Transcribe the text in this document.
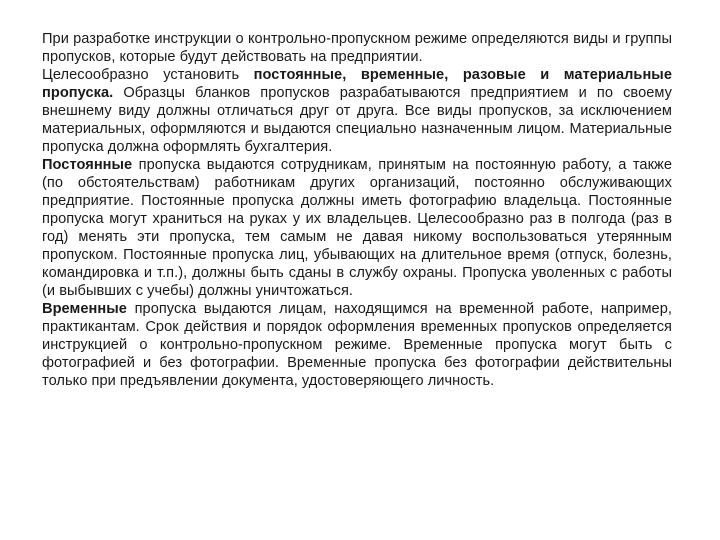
При разработке инструкции о контрольно-пропускном режиме определяются виды и группы пропусков, которые будут действовать на предприятии.

Целесообразно установить постоянные, временные, разовые и материальные пропуска. Образцы бланков пропусков разрабатываются предприятием и по своему внешнему виду должны отличаться друг от друга. Все виды пропусков, за исключением материальных, оформляются и выдаются специально назначенным лицом. Материальные пропуска должна оформлять бухгалтерия.

Постоянные пропуска выдаются сотрудникам, принятым на постоянную работу, а также (по обстоятельствам) работникам других организаций, постоянно обслуживающих предприятие. Постоянные пропуска должны иметь фотографию владельца. Постоянные пропуска могут храниться на руках у их владельцев. Целесообразно раз в полгода (раз в год) менять эти пропуска, тем самым не давая никому воспользоваться утерянным пропуском. Постоянные пропуска лиц, убывающих на длительное время (отпуск, болезнь, командировка и т.п.), должны быть сданы в службу охраны. Пропуска уволенных с работы (и выбывших с учебы) должны уничтожаться.

Временные пропуска выдаются лицам, находящимся на временной работе, например, практикантам. Срок действия и порядок оформления временных пропусков определяется инструкцией о контрольно-пропускном режиме. Временные пропуска могут быть с фотографией и без фотографии. Временные пропуска без фотографии действительны только при предъявлении документа, удостоверяющего личность.
